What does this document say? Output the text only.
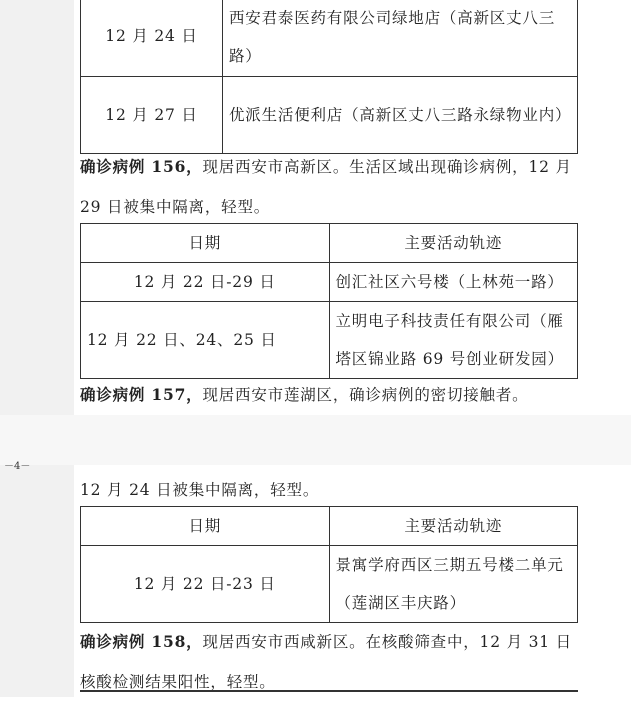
12 月 24 日	西安君泰医药有限公司绿地店（高新区丈八三路）
12 月 27 日	优派生活便利店（高新区丈八三路永绿物业内）
确诊病例 156，现居西安市高新区。生活区域出现确诊病例，12 月 29 日被集中隔离，轻型。
日期	主要活动轨迹
12 月 22 日-29 日	创汇社区六号楼（上林苑一路）
12 月 22 日、24、25 日	立明电子科技责任有限公司（雁塔区锦业路 69 号创业研发园）
确诊病例 157，现居西安市莲湖区，确诊病例的密切接触者。
12 月 24 日被集中隔离，轻型。
日期	主要活动轨迹
12 月 22 日-23 日	景寓学府西区三期五号楼二单元（莲湖区丰庆路）
确诊病例 158，现居西安市西咸新区。在核酸筛查中，12 月 31 日核酸检测结果阳性，轻型。
－4－
